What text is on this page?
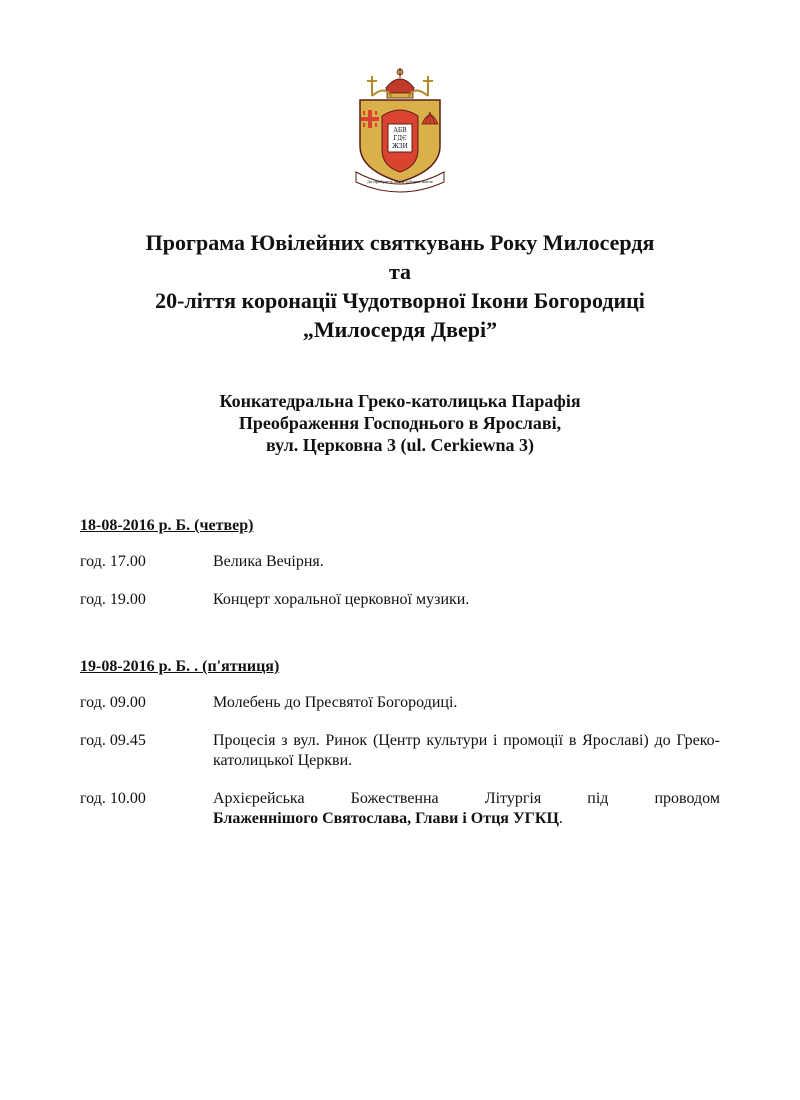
АБВ
ГДЄ
ЖЗИ
Да прибудеть око и соборне вопле
Програма Ювілейних святкувань Року Милосердя
та
20-ліття коронації Чудотворної Ікони Богородиці
„Милосердя Двері”
Конкатедральна Греко-католицька Парафія
Преображення Господнього в Ярославі,
вул. Церковна 3 (ul. Cerkiewna 3)
18-08-2016 р. Б. (четвер)
год. 17.00	Велика Вечірня.
год. 19.00	Концерт хоральної церковної музики.
19-08-2016 р. Б. . (п'ятниця)
год. 09.00	Молебень до Пресвятої Богородиці.
год. 09.45	Процесія з вул. Ринок (Центр культури і промоції в Ярославі) до Греко-католицької Церкви.
год. 10.00	Архієрейська Божественна Літургія під проводом
Блаженнішого Святослава, Глави і Отця УГКЦ.
